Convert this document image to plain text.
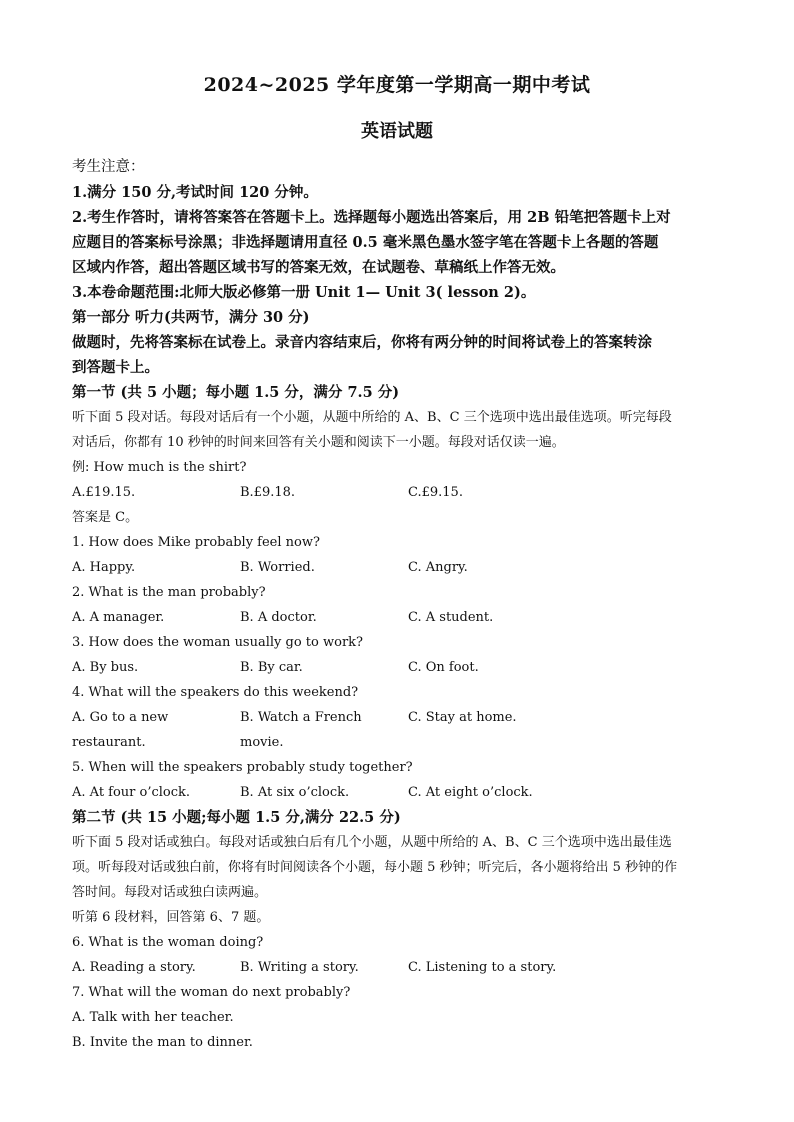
2024~2025 学年度第一学期高一期中考试

英语试题

考生注意：

1.满分 150 分,考试时间 120 分钟。

2.考生作答时，请将答案答在答题卡上。选择题每小题选出答案后，用 2B 铅笔把答题卡上对

应题目的答案标号涂黑；非选择题请用直径 0.5 毫米黑色墨水签字笔在答题卡上各题的答题

区域内作答，超出答题区域书写的答案无效，在试题卷、草稿纸上作答无效。

3.本卷命题范围:北师大版必修第一册 Unit 1— Unit 3( lesson 2)。

第一部分 听力(共两节，满分 30 分)

做题时，先将答案标在试卷上。录音内容结束后，你将有两分钟的时间将试卷上的答案转涂

到答题卡上。

第一节 (共 5 小题；每小题 1.5 分，满分 7.5 分)

听下面 5 段对话。每段对话后有一个小题，从题中所给的 A、B、C 三个选项中选出最佳选项。听完每段

对话后，你都有 10 秒钟的时间来回答有关小题和阅读下一小题。每段对话仅读一遍。

例: How much is the shirt?

A.£19.15.	B.£9.18.	C.£9.15.

答案是 C。

1. How does Mike probably feel now?

A. Happy.	B. Worried.	C. Angry.

2. What is the man probably?

A. A manager.	B. A doctor.	C. A student.

3. How does the woman usually go to work?

A. By bus.	B. By car.	C. On foot.

4. What will the speakers do this weekend?

A. Go to a new restaurant.
B. Watch a French movie.
C. Stay at home.

5. When will the speakers probably study together?

A. At four o’clock.	B. At six o’clock.	C. At eight o’clock.

第二节 (共 15 小题;每小题 1.5 分,满分 22.5 分)

听下面 5 段对话或独白。每段对话或独白后有几个小题，从题中所给的 A、B、C 三个选项中选出最佳选

项。听每段对话或独白前，你将有时间阅读各个小题，每小题 5 秒钟；听完后，各小题将给出 5 秒钟的作

答时间。每段对话或独白读两遍。

听第 6 段材料，回答第 6、7 题。

6. What is the woman doing?

A. Reading a story.	B. Writing a story.	C. Listening to a story.

7. What will the woman do next probably?

A. Talk with her teacher.

B. Invite the man to dinner.
